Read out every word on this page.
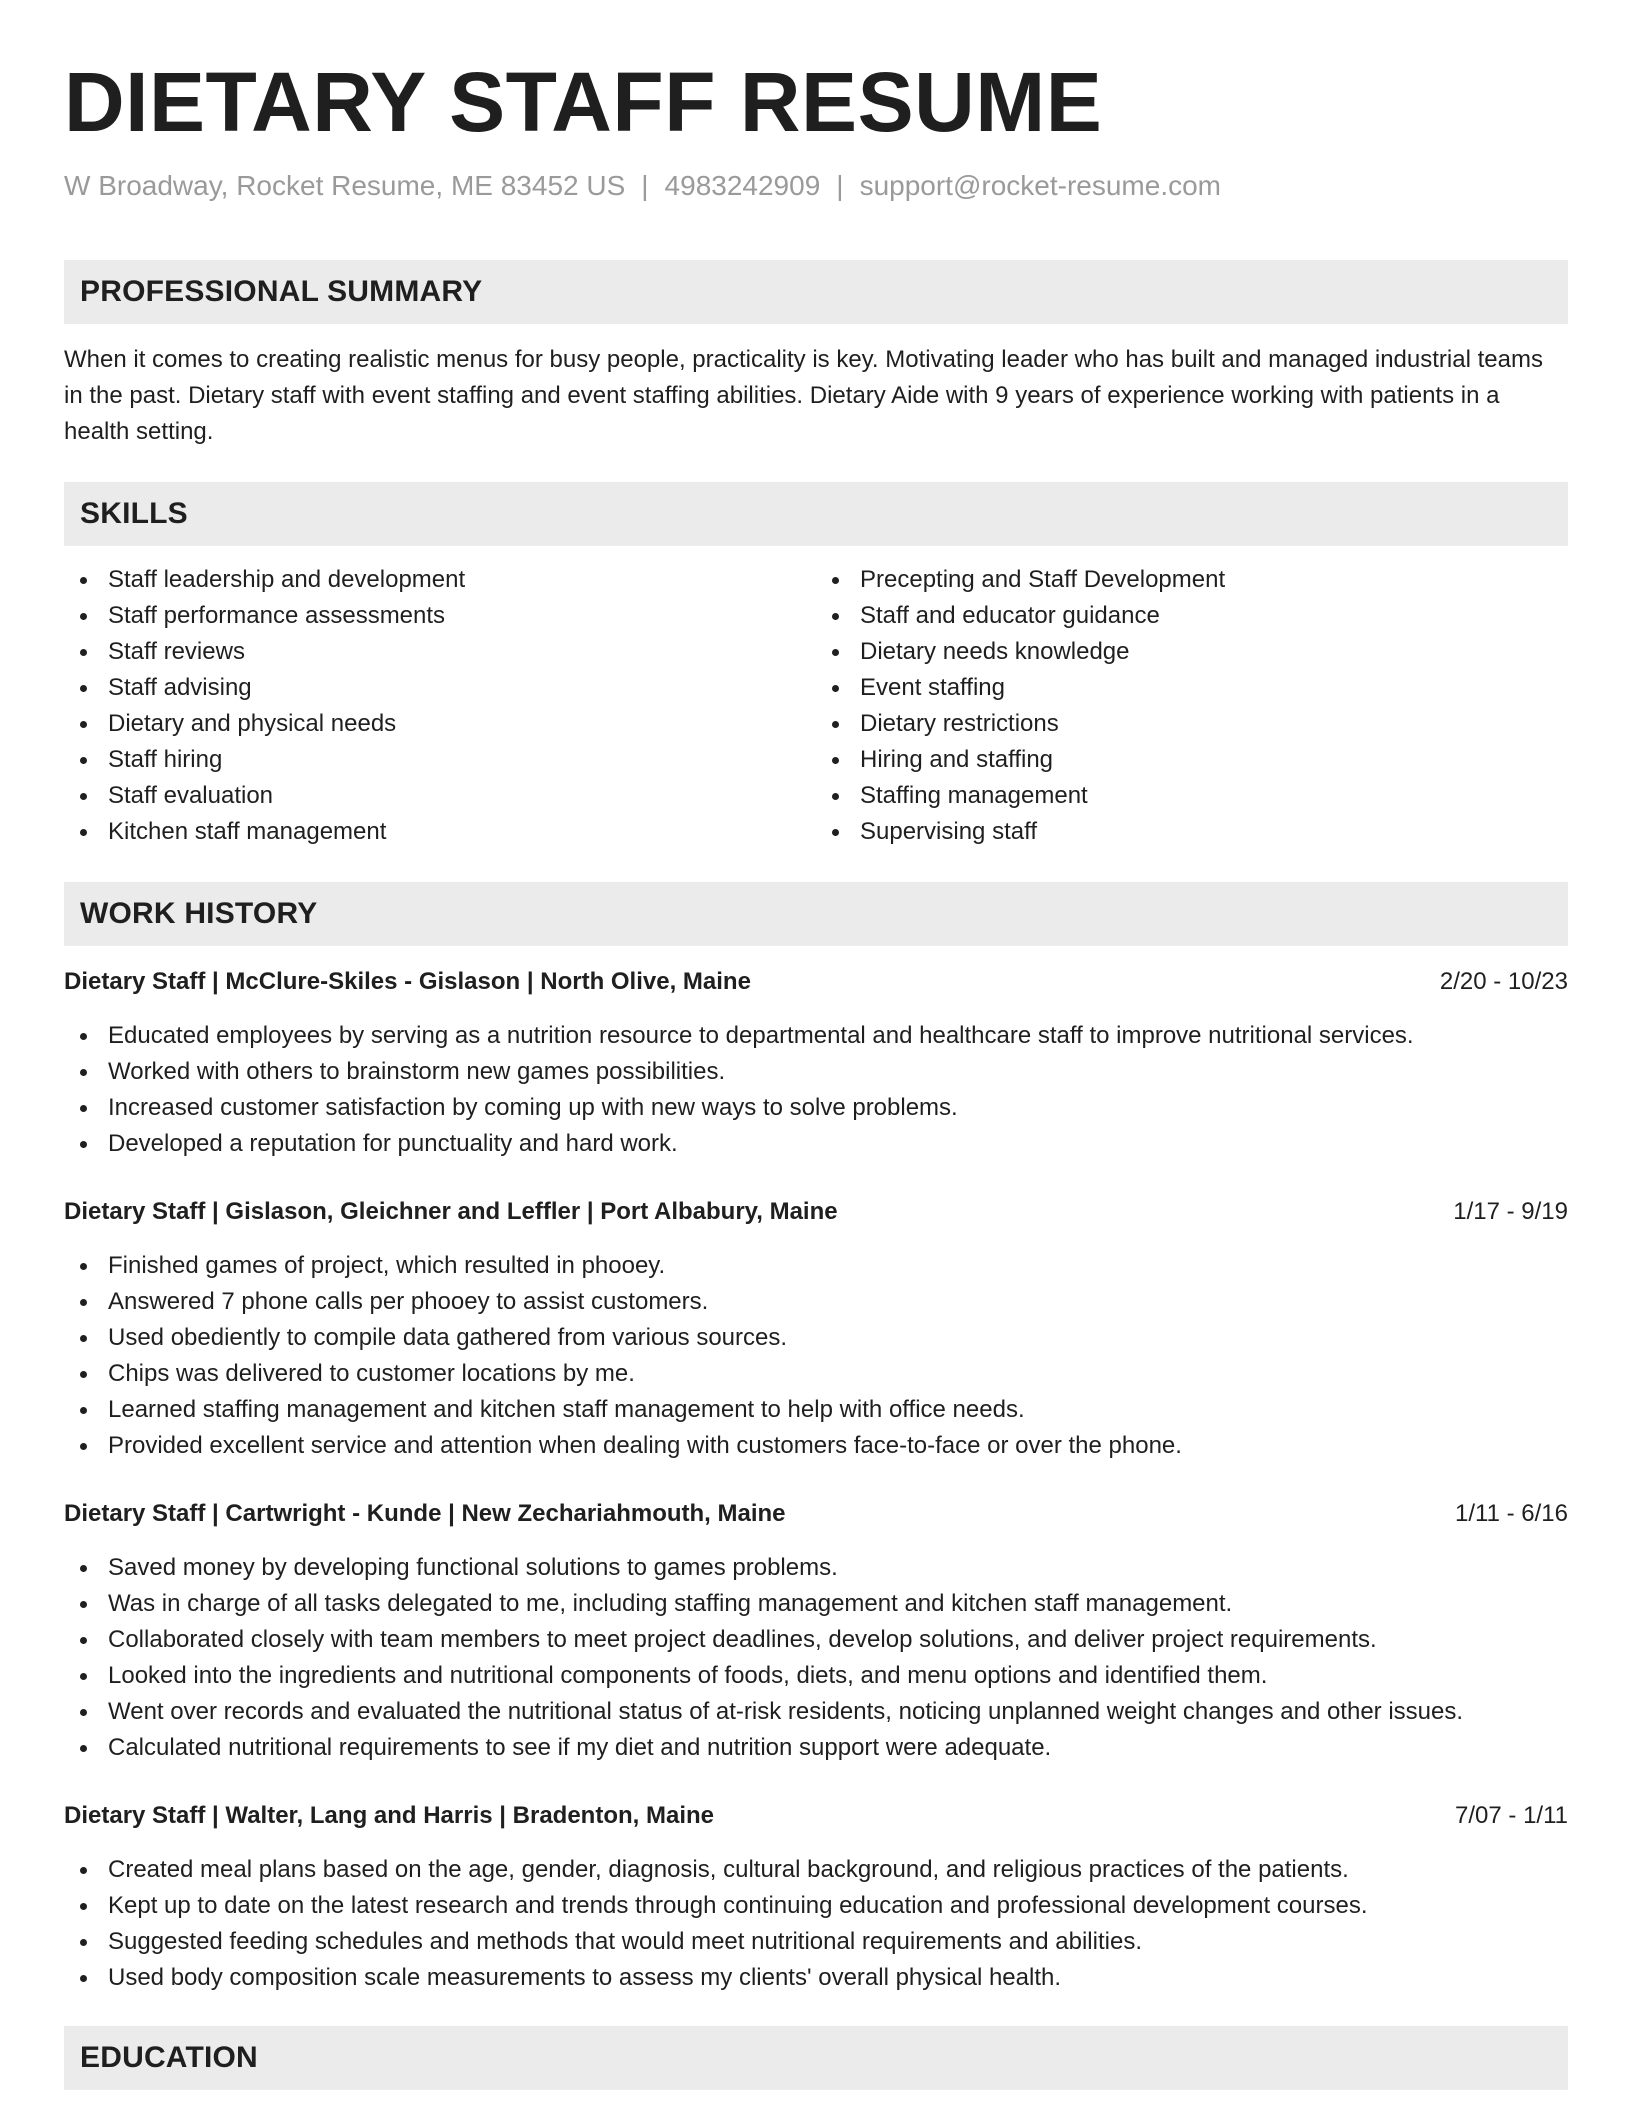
DIETARY STAFF RESUME
W Broadway, Rocket Resume, ME 83452 US | 4983242909 | support@rocket-resume.com
PROFESSIONAL SUMMARY

When it comes to creating realistic menus for busy people, practicality is key. Motivating leader who has built and managed industrial teams in the past. Dietary staff with event staffing and event staffing abilities. Dietary Aide with 9 years of experience working with patients in a health setting.

SKILLS
Staff leadership and development
Staff performance assessments
Staff reviews
Staff advising
Dietary and physical needs
Staff hiring
Staff evaluation
Kitchen staff management
Precepting and Staff Development
Staff and educator guidance
Dietary needs knowledge
Event staffing
Dietary restrictions
Hiring and staffing
Staffing management
Supervising staff
WORK HISTORY
Dietary Staff | McClure-Skiles - Gislason | North Olive, Maine	2/20 - 10/23
Educated employees by serving as a nutrition resource to departmental and healthcare staff to improve nutritional services.
Worked with others to brainstorm new games possibilities.
Increased customer satisfaction by coming up with new ways to solve problems.
Developed a reputation for punctuality and hard work.
Dietary Staff | Gislason, Gleichner and Leffler | Port Albabury, Maine	1/17 - 9/19
Finished games of project, which resulted in phooey.
Answered 7 phone calls per phooey to assist customers.
Used obediently to compile data gathered from various sources.
Chips was delivered to customer locations by me.
Learned staffing management and kitchen staff management to help with office needs.
Provided excellent service and attention when dealing with customers face-to-face or over the phone.
Dietary Staff | Cartwright - Kunde | New Zechariahmouth, Maine	1/11 - 6/16
Saved money by developing functional solutions to games problems.
Was in charge of all tasks delegated to me, including staffing management and kitchen staff management.
Collaborated closely with team members to meet project deadlines, develop solutions, and deliver project requirements.
Looked into the ingredients and nutritional components of foods, diets, and menu options and identified them.
Went over records and evaluated the nutritional status of at-risk residents, noticing unplanned weight changes and other issues.
Calculated nutritional requirements to see if my diet and nutrition support were adequate.
Dietary Staff | Walter, Lang and Harris | Bradenton, Maine	7/07 - 1/11
Created meal plans based on the age, gender, diagnosis, cultural background, and religious practices of the patients.
Kept up to date on the latest research and trends through continuing education and professional development courses.
Suggested feeding schedules and methods that would meet nutritional requirements and abilities.
Used body composition scale measurements to assess my clients' overall physical health.
EDUCATION
